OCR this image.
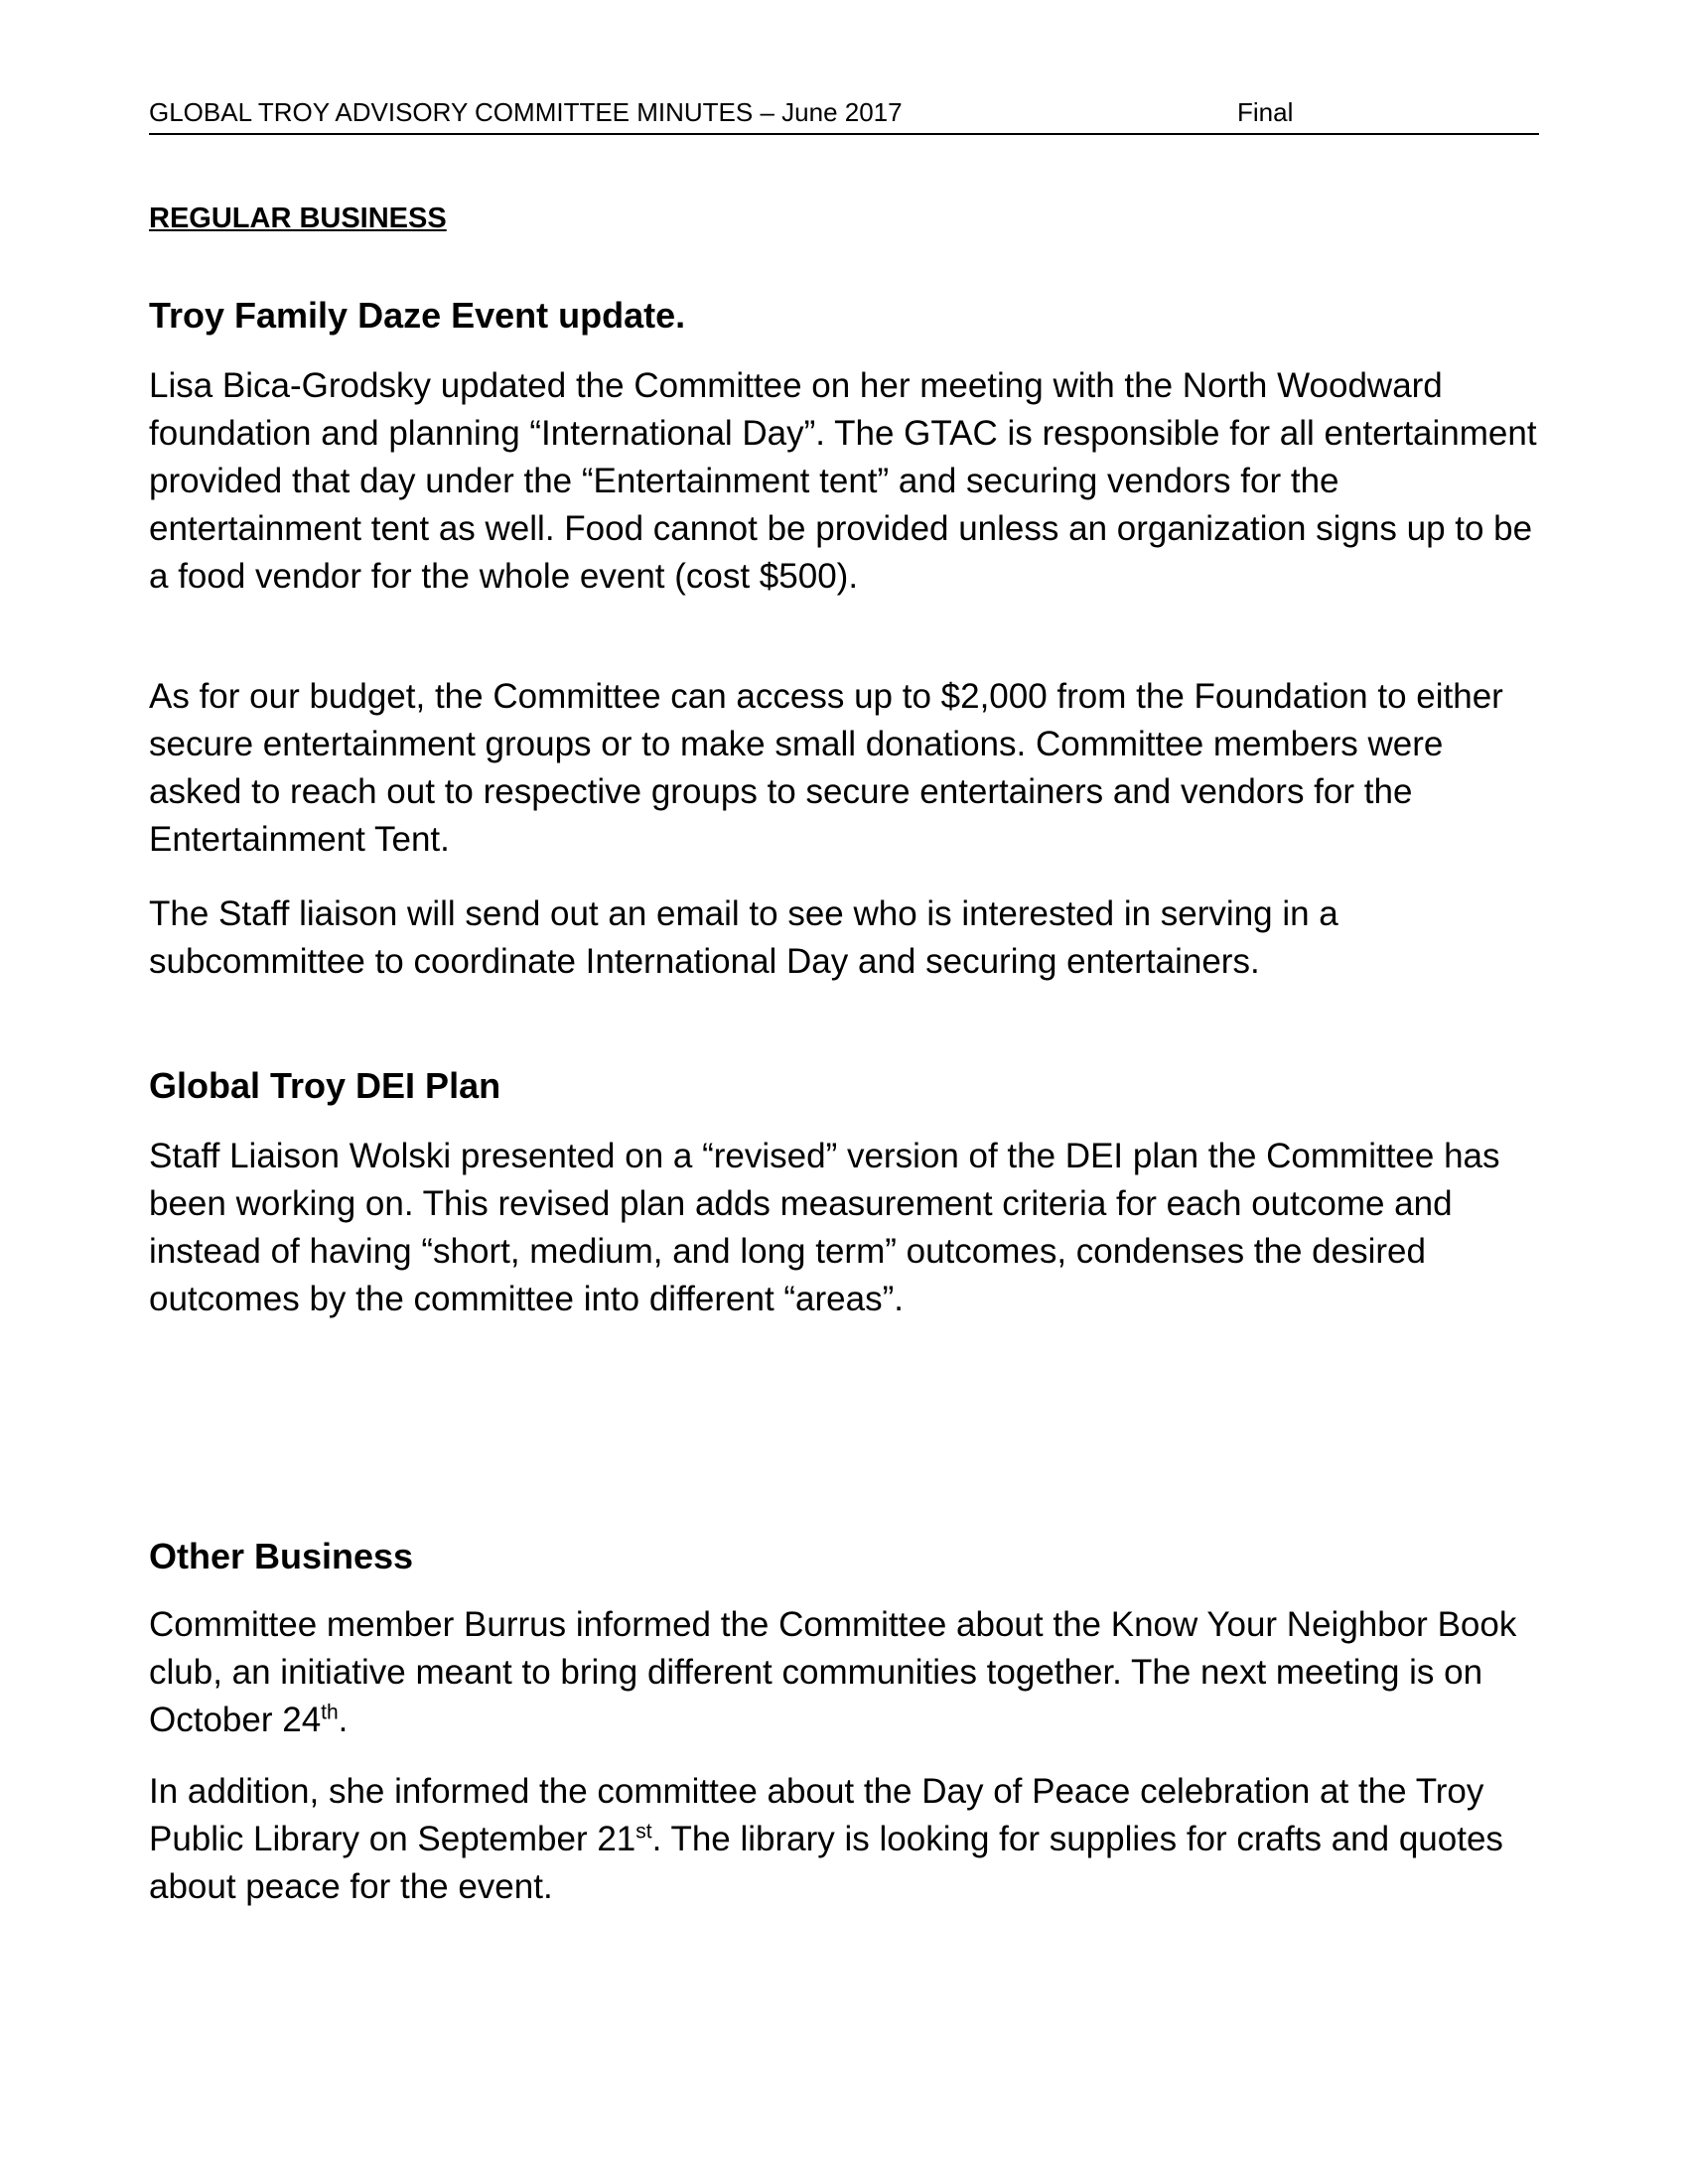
GLOBAL TROY ADVISORY COMMITTEE MINUTES – June 2017	Final
REGULAR BUSINESS
Troy Family Daze Event update.
Lisa Bica-Grodsky updated the Committee on her meeting with the North Woodward foundation and planning “International Day”. The GTAC is responsible for all entertainment provided that day under the “Entertainment tent” and securing vendors for the entertainment tent as well. Food cannot be provided unless an organization signs up to be a food vendor for the whole event (cost $500).
As for our budget, the Committee can access up to $2,000 from the Foundation to either secure entertainment groups or to make small donations. Committee members were asked to reach out to respective groups to secure entertainers and vendors for the Entertainment Tent.
The Staff liaison will send out an email to see who is interested in serving in a subcommittee to coordinate International Day and securing entertainers.
Global Troy DEI Plan
Staff Liaison Wolski presented on a “revised” version of the DEI plan the Committee has been working on. This revised plan adds measurement criteria for each outcome and instead of having “short, medium, and long term” outcomes, condenses the desired outcomes by the committee into different “areas”.
Other Business
Committee member Burrus informed the Committee about the Know Your Neighbor Book club, an initiative meant to bring different communities together. The next meeting is on October 24th.
In addition, she informed the committee about the Day of Peace celebration at the Troy Public Library on September 21st. The library is looking for supplies for crafts and quotes about peace for the event.
